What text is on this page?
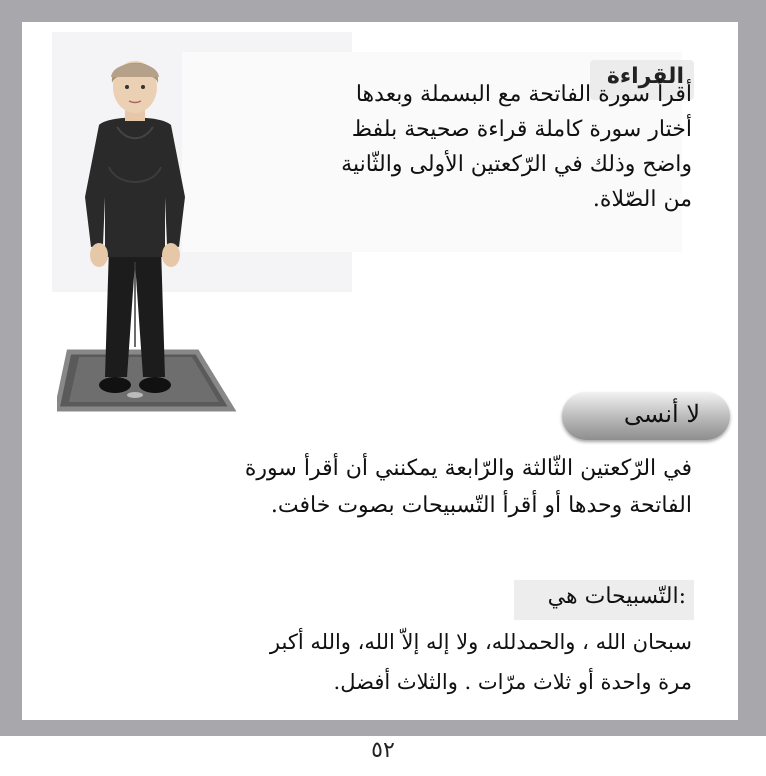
القراءة
أقرأ سورة الفاتحة مع البسملة وبعدها
أختار سورة كاملة قراءة صحيحة بلفظ
واضح وذلك في الرّكعتين الأولى والثّانية
من الصّلاة.
لا أنسى
في الرّكعتين الثّالثة والرّابعة يمكنني أن أقرأ سورة
الفاتحة وحدها أو أقرأ التّسبيحات بصوت خافت.
التّسبيحات هي:
سبحان الله ، والحمدلله، ولا إله إلاّ الله، والله أكبر
مرة واحدة أو ثلاث مرّات . والثلاث أفضل.
٥٢
